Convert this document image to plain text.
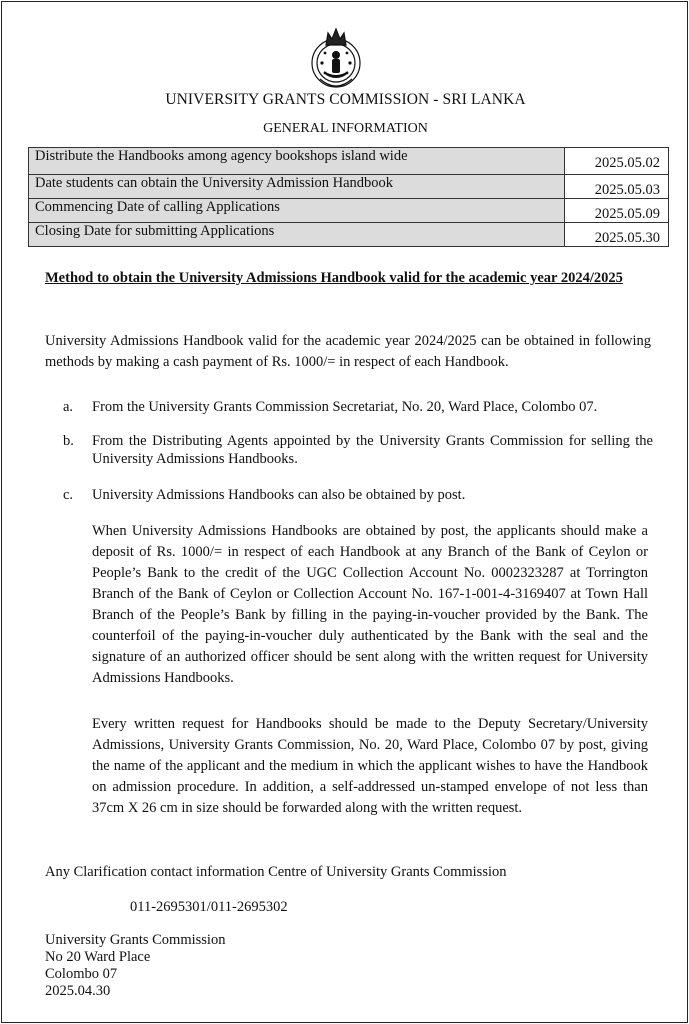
UNIVERSITY GRANTS COMMISSION - SRI LANKA
GENERAL INFORMATION
Distribute the Handbooks among agency bookshops island wide	2025.05.02
Date students can obtain the University Admission Handbook	2025.05.03
Commencing Date of calling Applications	2025.05.09
Closing Date for submitting Applications	2025.05.30
Method to obtain the University Admissions Handbook valid for the academic year 2024/2025
University Admissions Handbook valid for the academic year 2024/2025 can be obtained in following methods by making a cash payment of Rs. 1000/= in respect of each Handbook.
a. From the University Grants Commission Secretariat, No. 20, Ward Place, Colombo 07.
b. From the Distributing Agents appointed by the University Grants Commission for selling the University Admissions Handbooks.
c. University Admissions Handbooks can also be obtained by post.
When University Admissions Handbooks are obtained by post, the applicants should make a deposit of Rs. 1000/= in respect of each Handbook at any Branch of the Bank of Ceylon or People’s Bank to the credit of the UGC Collection Account No. 0002323287 at Torrington Branch of the Bank of Ceylon or Collection Account No. 167-1-001-4-3169407 at Town Hall Branch of the People’s Bank by filling in the paying-in-voucher provided by the Bank. The counterfoil of the paying-in-voucher duly authenticated by the Bank with the seal and the signature of an authorized officer should be sent along with the written request for University Admissions Handbooks.
Every written request for Handbooks should be made to the Deputy Secretary/University Admissions, University Grants Commission, No. 20, Ward Place, Colombo 07 by post, giving the name of the applicant and the medium in which the applicant wishes to have the Handbook on admission procedure. In addition, a self-addressed un-stamped envelope of not less than 37cm X 26 cm in size should be forwarded along with the written request.
Any Clarification contact information Centre of University Grants Commission
011-2695301/011-2695302
University Grants Commission
No 20 Ward Place
Colombo 07
2025.04.30
